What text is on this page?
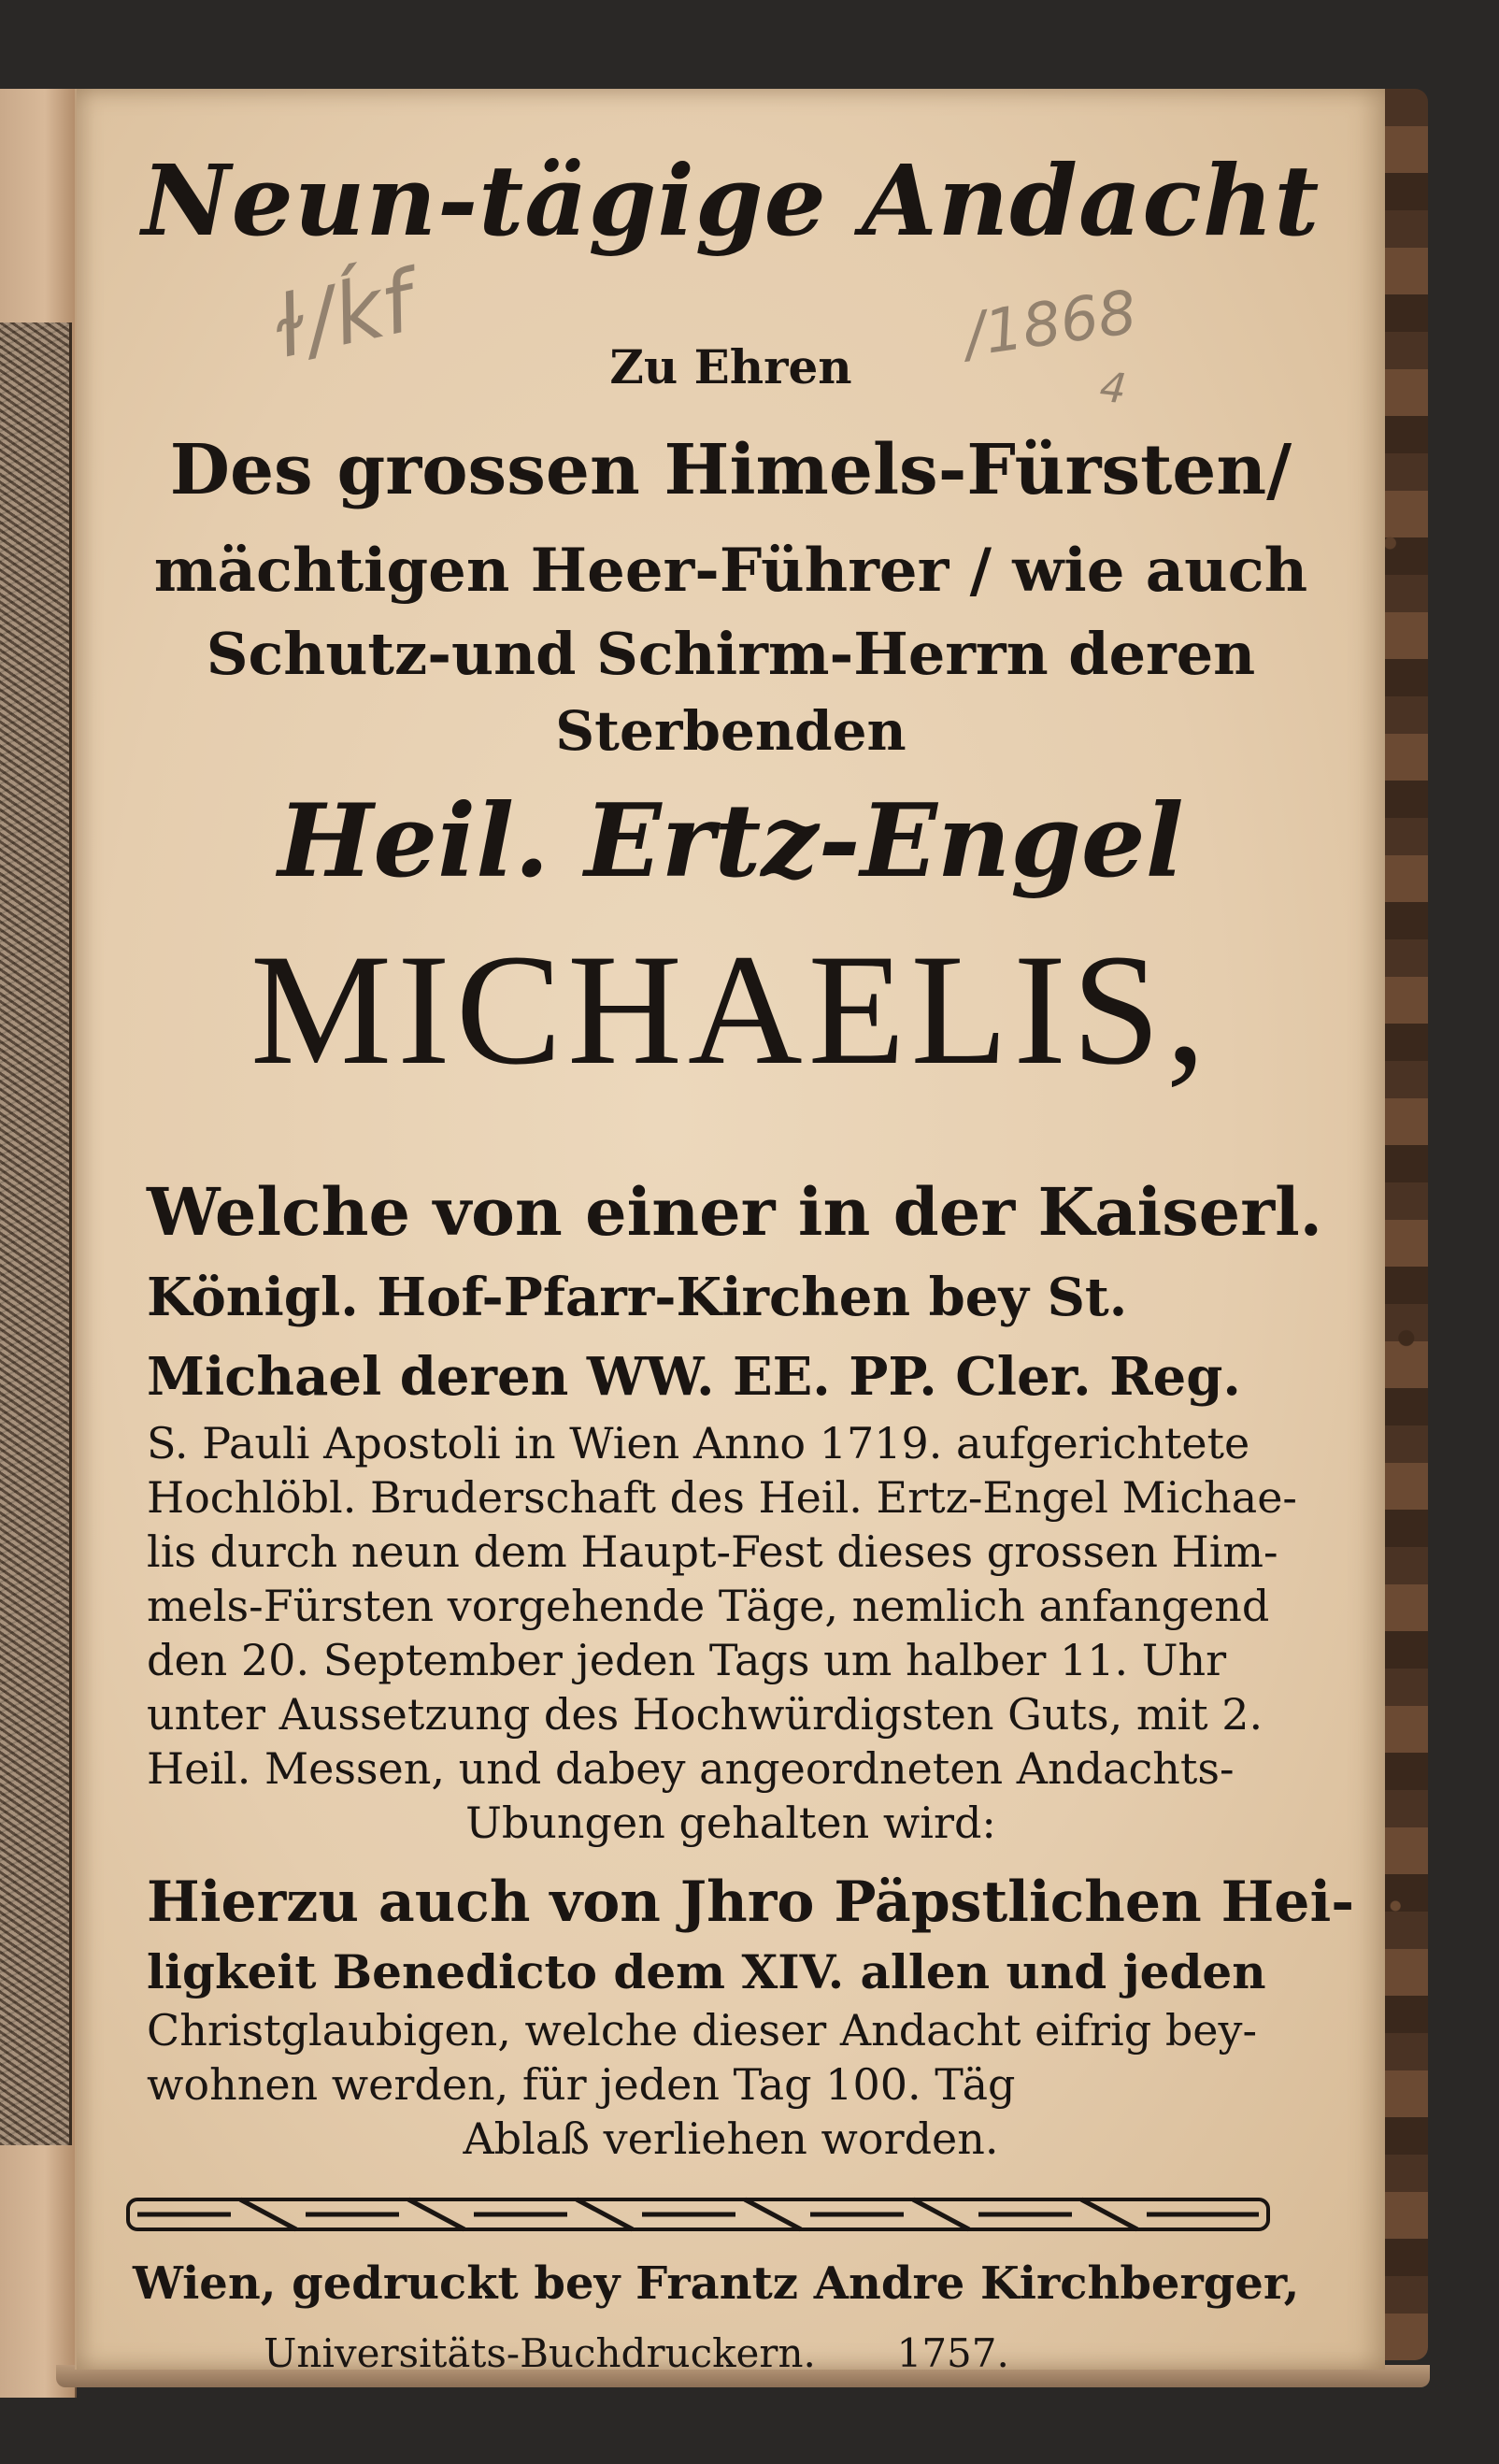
ɫ/ḱf	/1868
4
Neun-tägige Andacht
Zu Ehren
Des grossen Himels-Fürsten/
mächtigen Heer-Führer / wie auch
Schutz-und Schirm-Herrn deren
Sterbenden
Heil. Ertz-Engel
MICHAELIS,
Welche von einer in der Kaiserl.
Königl. Hof-Pfarr-Kirchen bey St.
Michael deren WW. EE. PP. Cler. Reg.
S. Pauli Apostoli in Wien Anno 1719. aufgerichtete
Hochlöbl. Bruderschaft des Heil. Ertz-Engel Michae-
lis durch neun dem Haupt-Fest dieses grossen Him-
mels-Fürsten vorgehende Täge, nemlich anfangend
den 20. September jeden Tags um halber 11. Uhr
unter Aussetzung des Hochwürdigsten Guts, mit 2.
Heil. Messen, und dabey angeordneten Andachts-
Ubungen gehalten wird:
Hierzu auch von Jhro Päpstlichen Hei-
ligkeit Benedicto dem XIV. allen und jeden
Christglaubigen, welche dieser Andacht eifrig bey-
wohnen werden, für jeden Tag 100. Täg
Ablaß verliehen worden.
Wien, gedruckt bey Frantz Andre Kirchberger,
Universitäts-Buchdruckern. 1757.
